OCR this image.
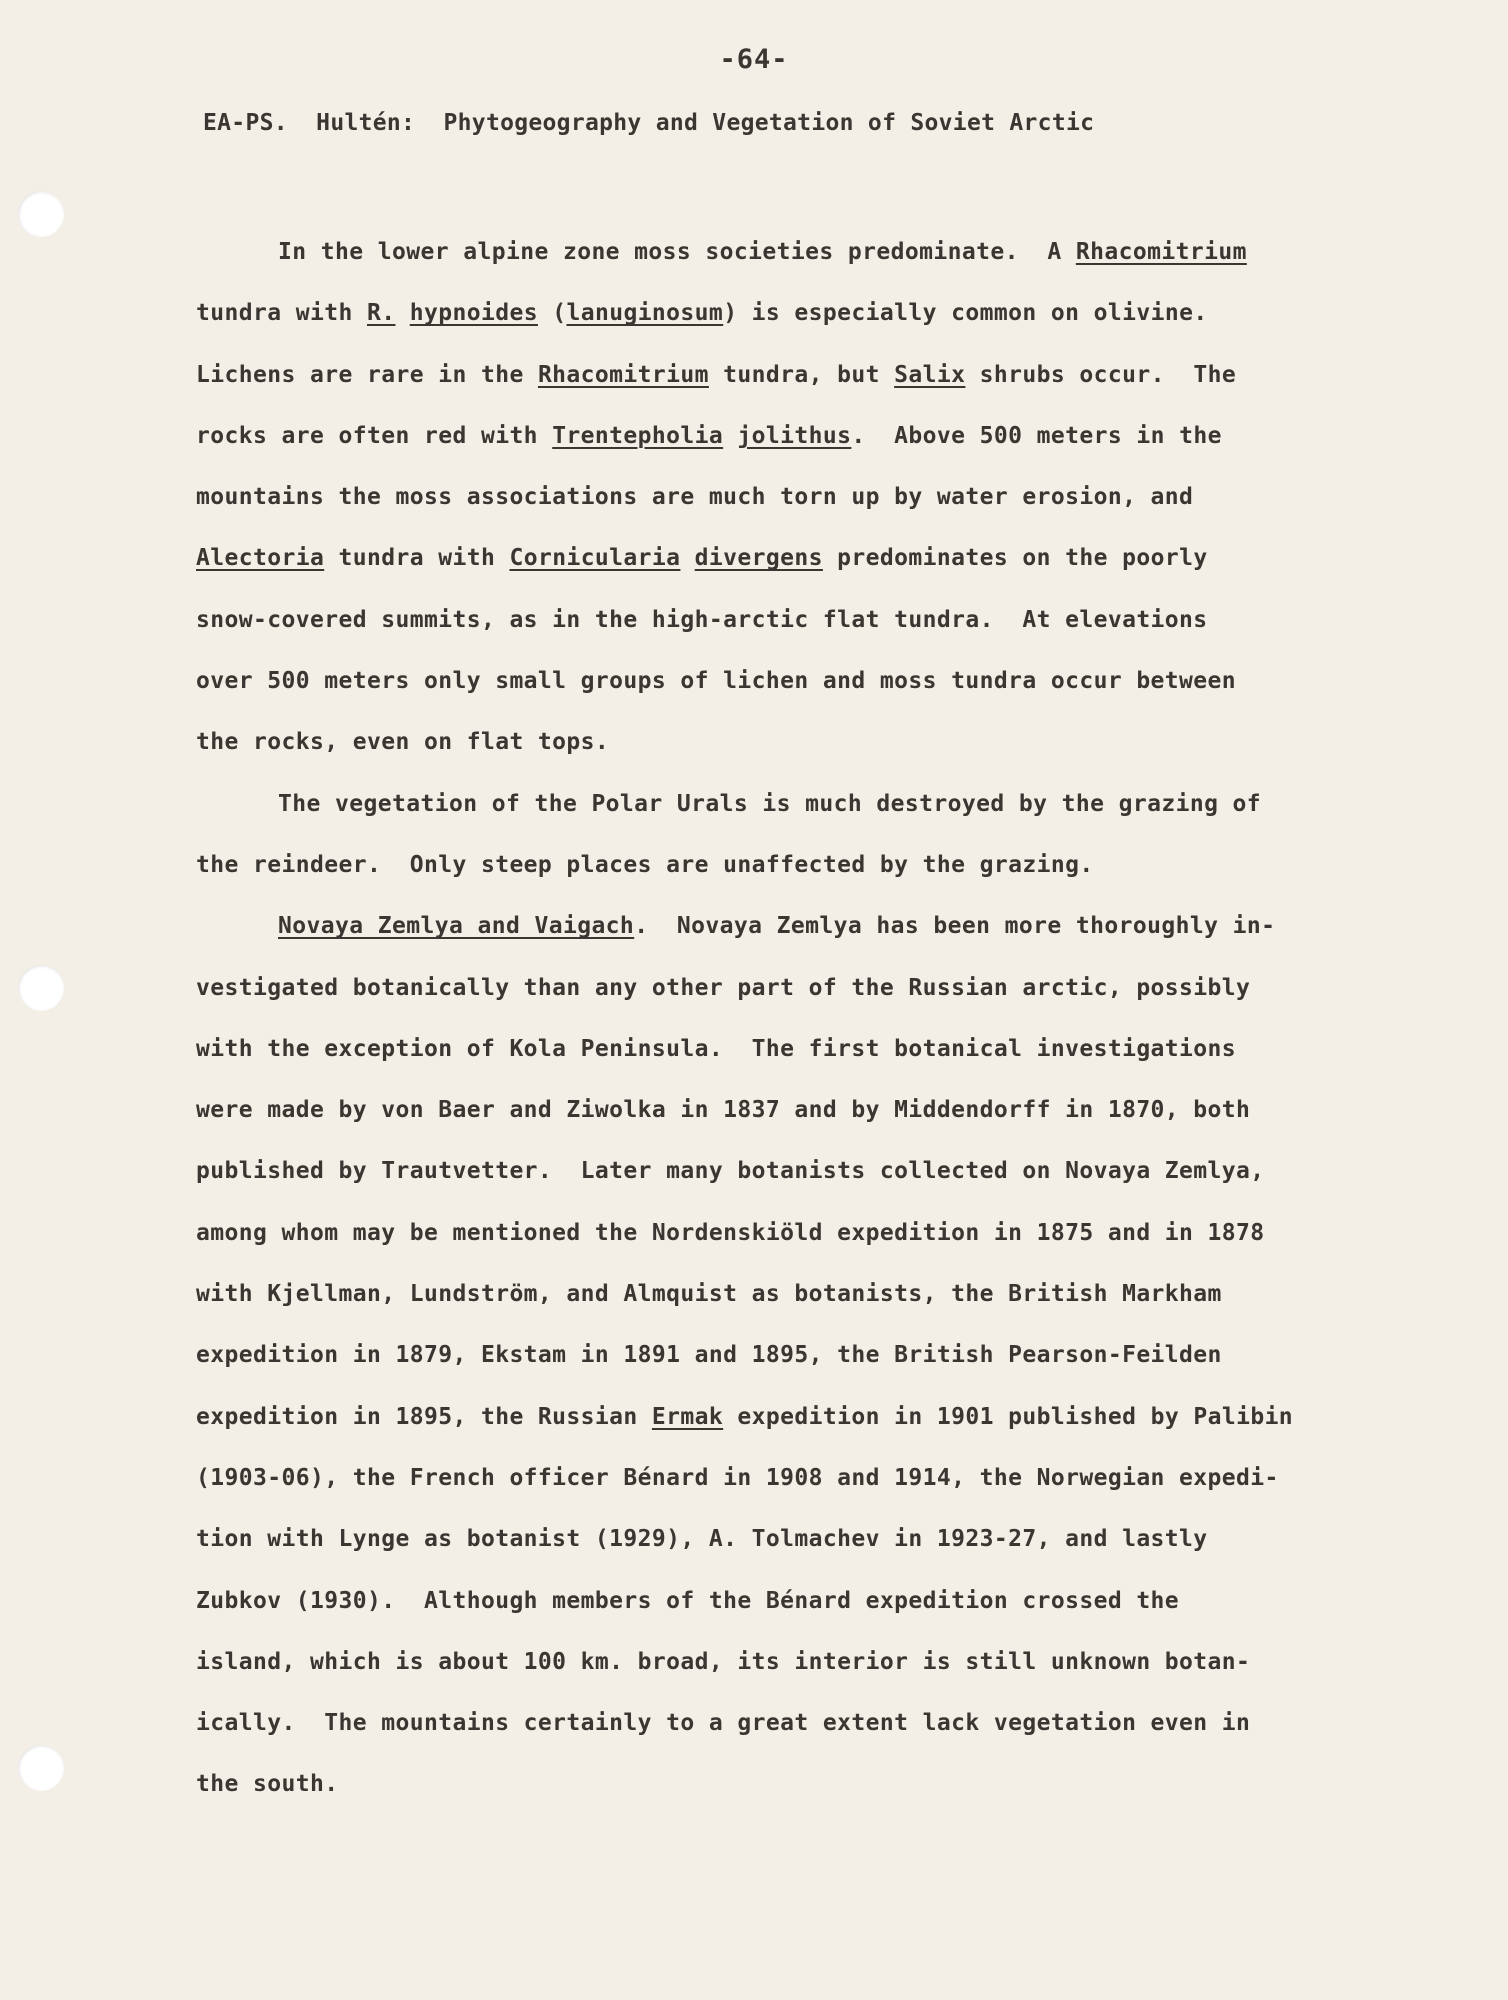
-64-
EA-PS.  Hultén:  Phytogeography and Vegetation of Soviet Arctic
In the lower alpine zone moss societies predominate.  A Rhacomitrium
tundra with R. hypnoides (lanuginosum) is especially common on olivine.
Lichens are rare in the Rhacomitrium tundra, but Salix shrubs occur.  The
rocks are often red with Trentepholia jolithus.  Above 500 meters in the
mountains the moss associations are much torn up by water erosion, and
Alectoria tundra with Cornicularia divergens predominates on the poorly
snow-covered summits, as in the high-arctic flat tundra.  At elevations
over 500 meters only small groups of lichen and moss tundra occur between
the rocks, even on flat tops.
The vegetation of the Polar Urals is much destroyed by the grazing of
the reindeer.  Only steep places are unaffected by the grazing.
Novaya Zemlya and Vaigach.  Novaya Zemlya has been more thoroughly in-
vestigated botanically than any other part of the Russian arctic, possibly
with the exception of Kola Peninsula.  The first botanical investigations
were made by von Baer and Ziwolka in 1837 and by Middendorff in 1870, both
published by Trautvetter.  Later many botanists collected on Novaya Zemlya,
among whom may be mentioned the Nordenskiöld expedition in 1875 and in 1878
with Kjellman, Lundström, and Almquist as botanists, the British Markham
expedition in 1879, Ekstam in 1891 and 1895, the British Pearson-Feilden
expedition in 1895, the Russian Ermak expedition in 1901 published by Palibin
(1903-06), the French officer Bénard in 1908 and 1914, the Norwegian expedi-
tion with Lynge as botanist (1929), A. Tolmachev in 1923-27, and lastly
Zubkov (1930).  Although members of the Bénard expedition crossed the
island, which is about 100 km. broad, its interior is still unknown botan-
ically.  The mountains certainly to a great extent lack vegetation even in
the south.
